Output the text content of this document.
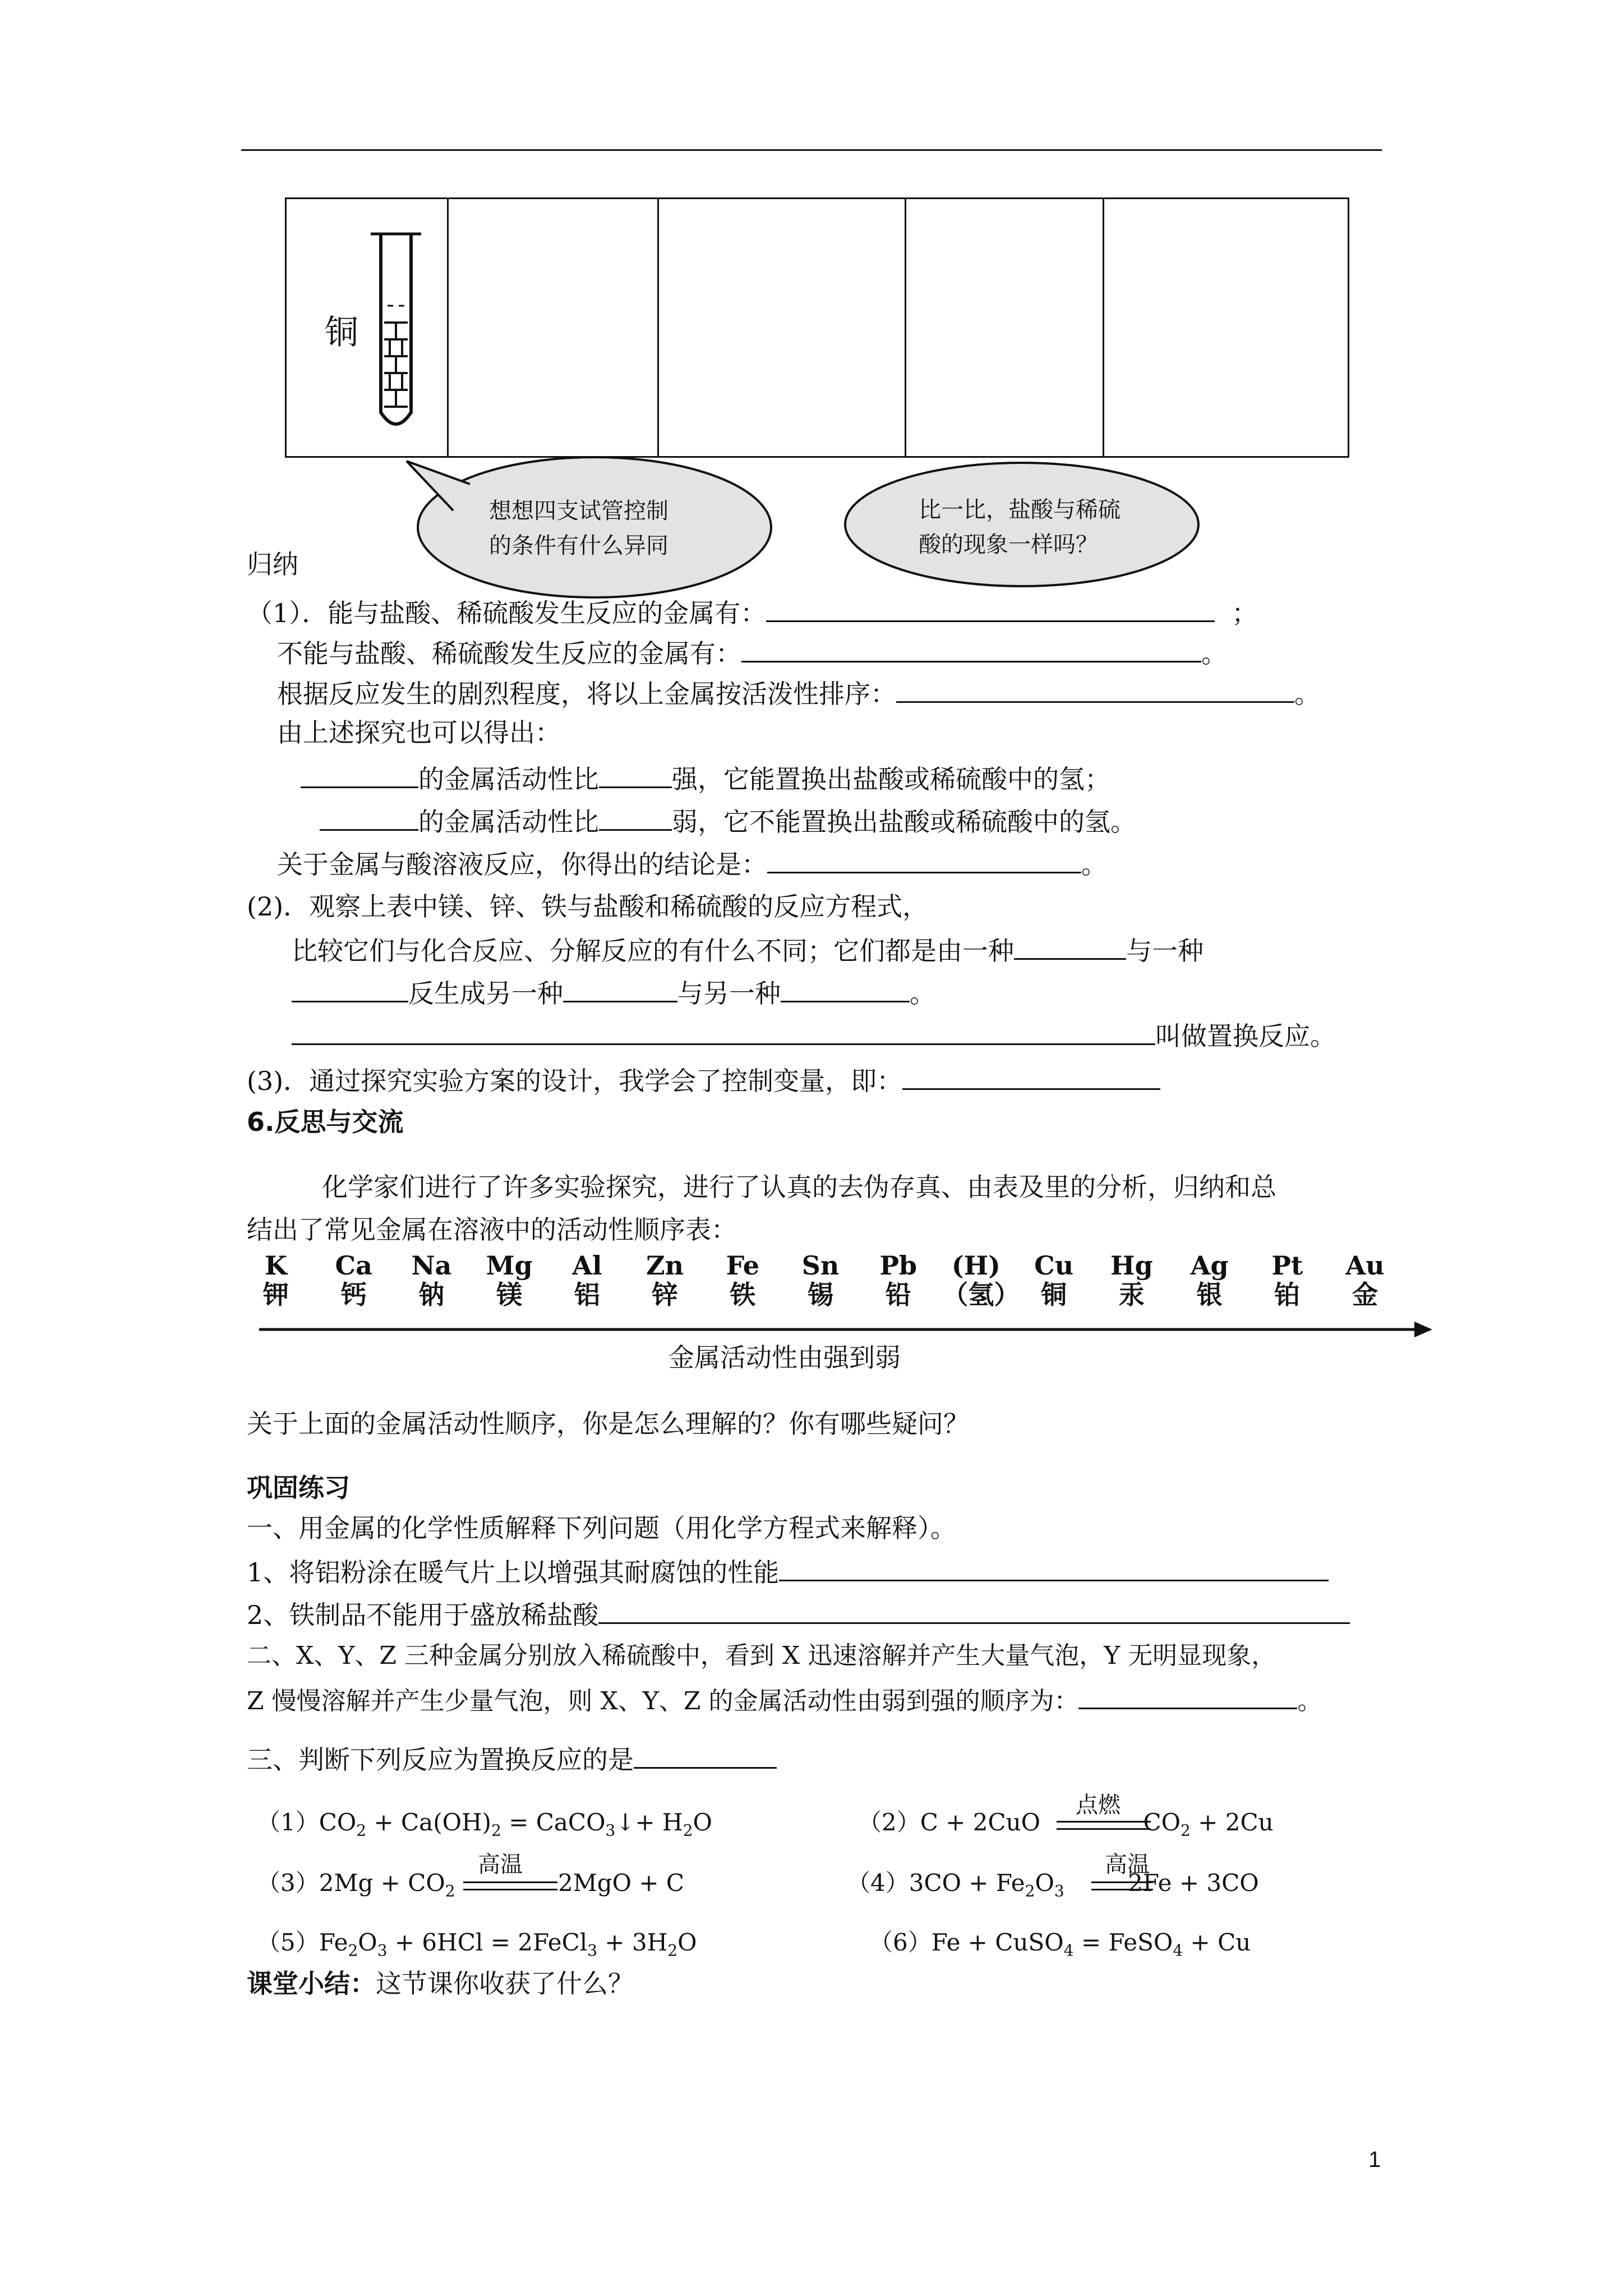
铜

想想四支试管控制
的条件有什么异同
比一比，盐酸与稀硫
酸的现象一样吗？
归纳
（1）．能与盐酸、稀硫酸发生反应的金属有：	；
不能与盐酸、稀硫酸发生反应的金属有：	。
根据反应发生的剧烈程度，将以上金属按活泼性排序：	。
由上述探究也可以得出：
的金属活动性比	强，它能置换出盐酸或稀硫酸中的氢；
的金属活动性比	弱，它不能置换出盐酸或稀硫酸中的氢。
关于金属与酸溶液反应，你得出的结论是：	。
(2)．观察上表中镁、锌、铁与盐酸和稀硫酸的反应方程式，
比较它们与化合反应、分解反应的有什么不同；它们都是由一种	与一种
反生成另一种	与另一种	。
叫做置换反应。
(3)．通过探究实验方案的设计，我学会了控制变量，即：
6.反思与交流
化学家们进行了许多实验探究，进行了认真的去伪存真、由表及里的分析，归纳和总
结出了常见金属在溶液中的活动性顺序表：
K
钾
Ca
钙
Na
钠
Mg
镁
Al
铝
Zn
锌
Fe
铁
Sn
锡
Pb
铅
(H)
（氢）
Cu
铜
Hg
汞
Ag
银
Pt
铂
Au
金
金属活动性由强到弱
关于上面的金属活动性顺序，你是怎么理解的？你有哪些疑问？
巩固练习
一、用金属的化学性质解释下列问题（用化学方程式来解释）。
1、将铝粉涂在暖气片上以增强其耐腐蚀的性能
2、铁制品不能用于盛放稀盐酸
二、X、Y、Z 三种金属分别放入稀硫酸中，看到 X 迅速溶解并产生大量气泡，Y 无明显现象，
Z 慢慢溶解并产生少量气泡，则 X、Y、Z 的金属活动性由弱到强的顺序为：	。
三、判断下列反应为置换反应的是
$(1)CO_2 + Ca(OH)_2$ = CaCO$_3$↓+ $H_2O$	（2）C + 2CuO	$CO_2 + 2Cu$
点燃
$(3)2Mg + CO_2$	2MgO + C
高温
$(4)3CO + Fe_2O_3$	2Fe + 3CO
高温
$(5)Fe_2O_3 + 6HCl$ = 2FeCl$_3$ + $3H_2O$	（6）Fe + CuSO$_4$ = FeSO$_4$ + Cu
课堂小结：这节课你收获了什么？
1
